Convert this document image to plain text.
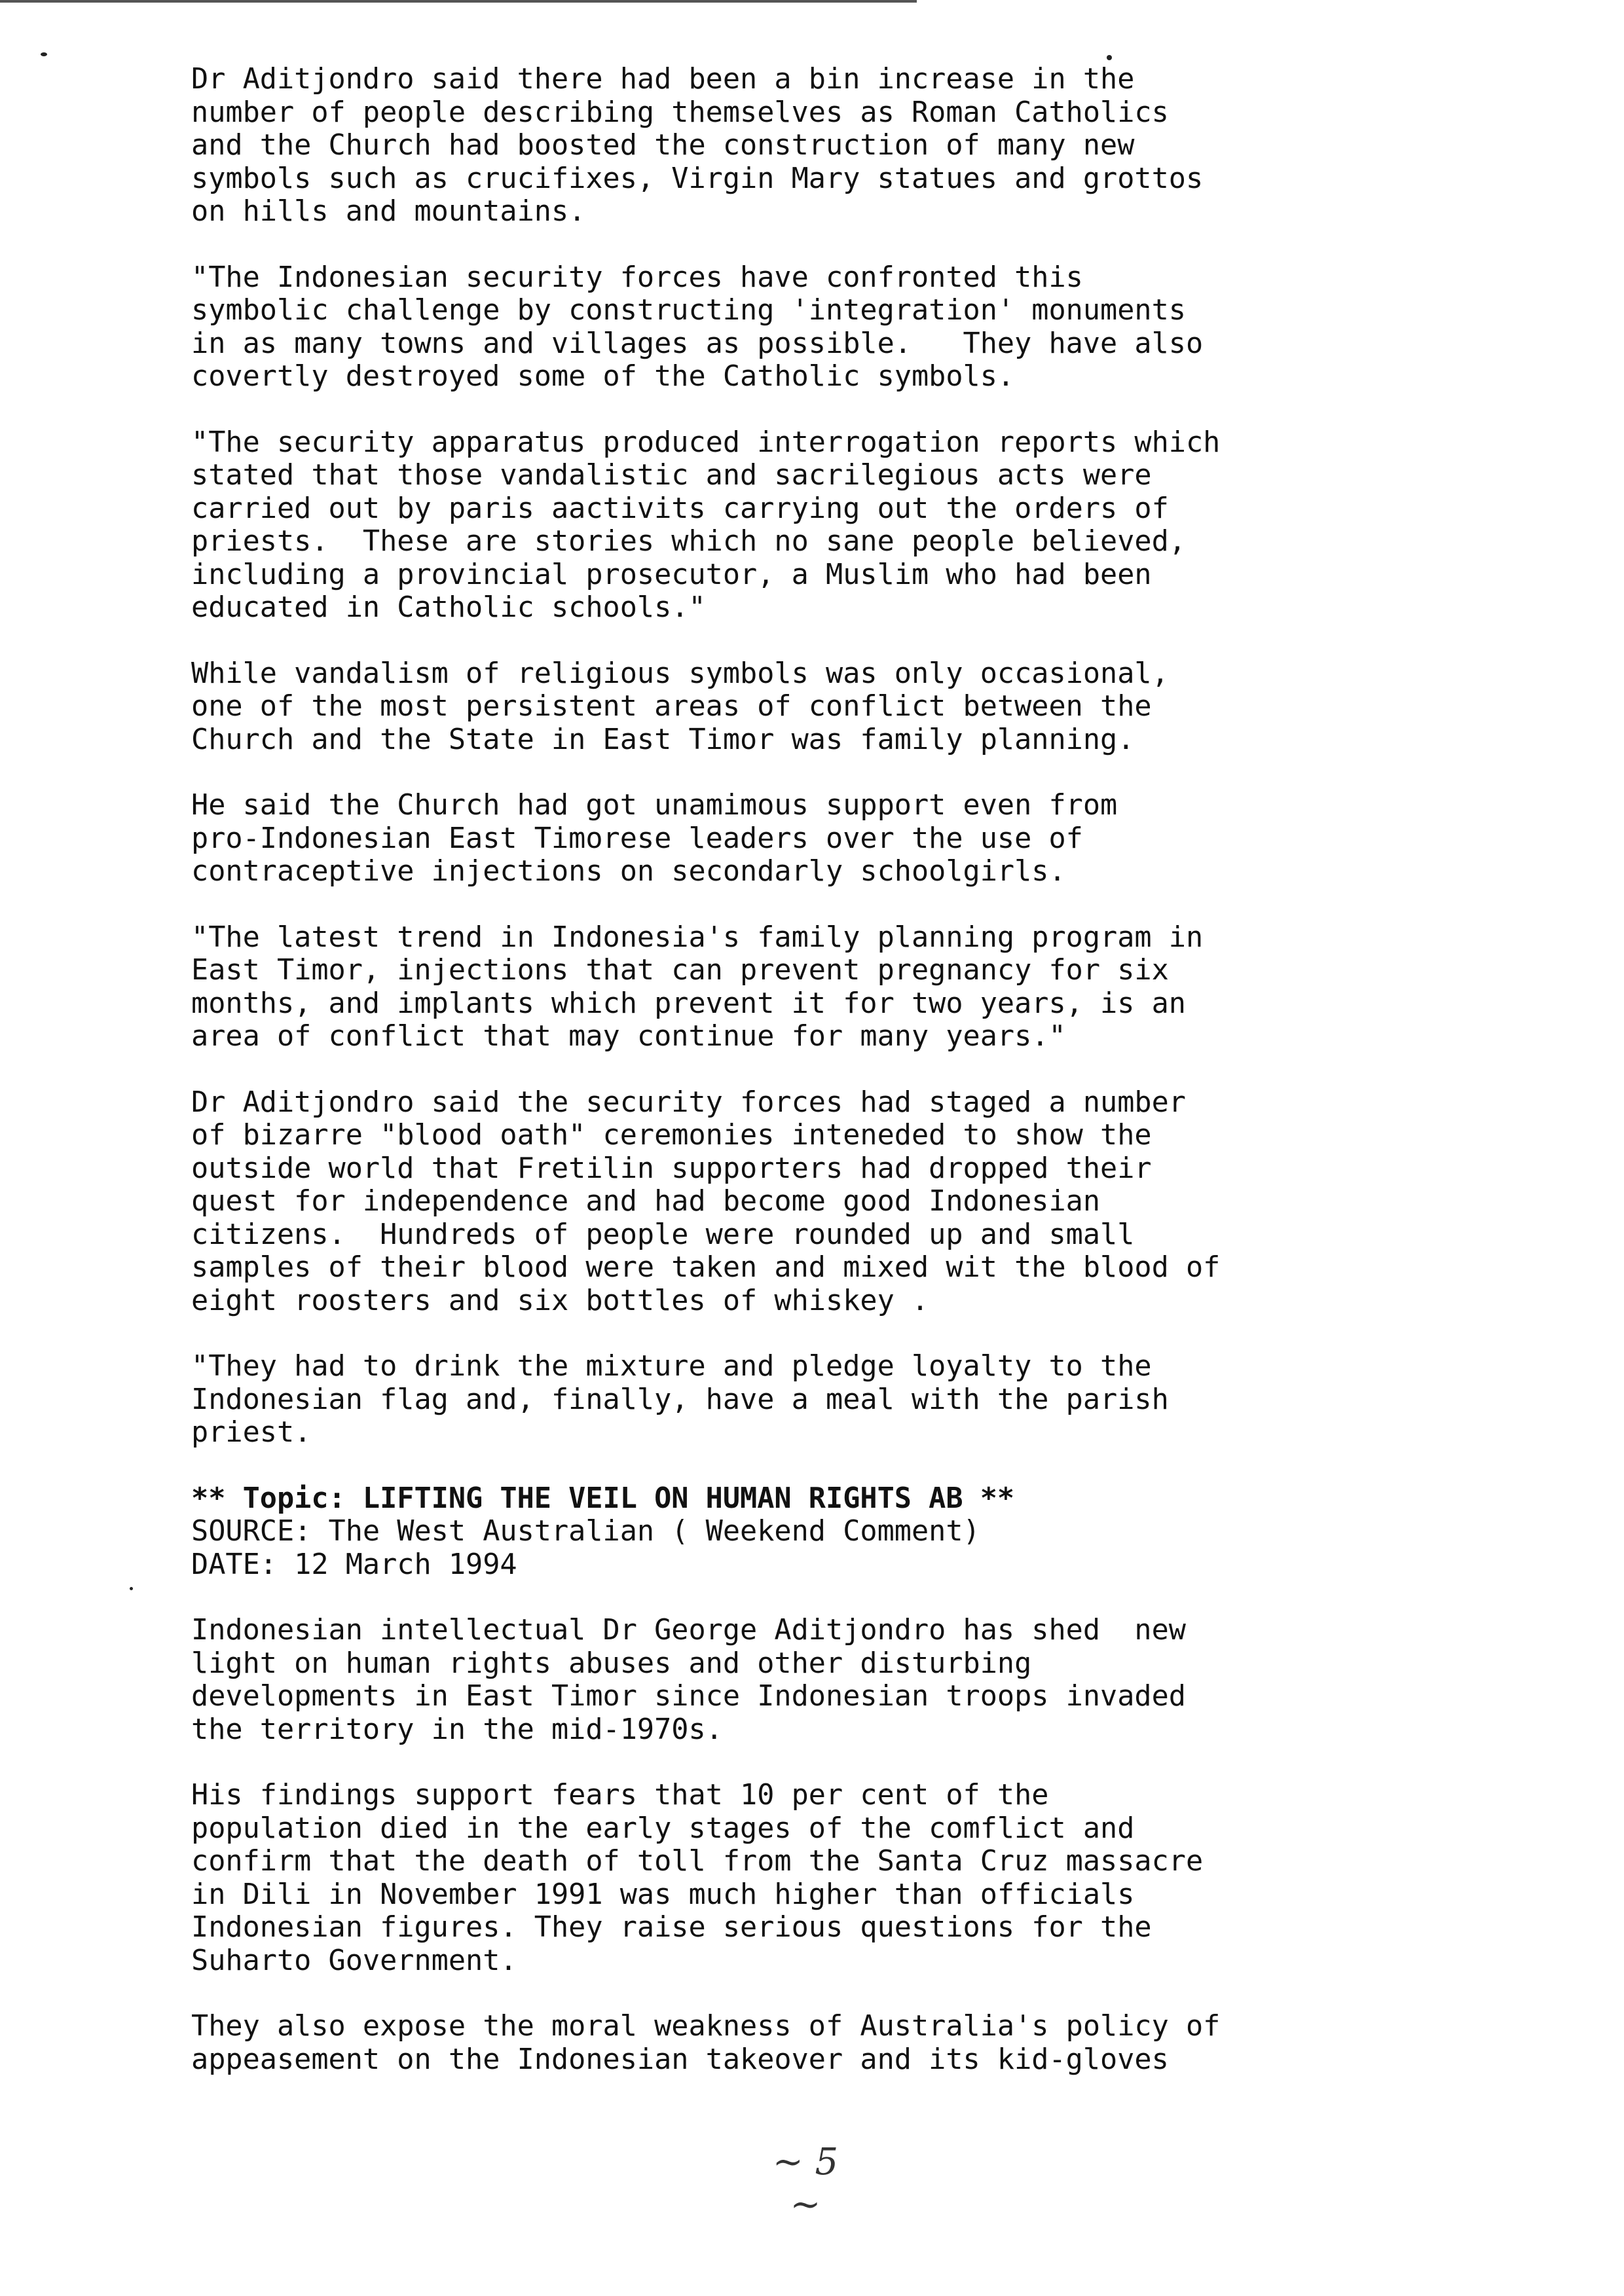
Dr Aditjondro said there had been a bin increase in the
number of people describing themselves as Roman Catholics
and the Church had boosted the construction of many new
symbols such as crucifixes, Virgin Mary statues and grottos
on hills and mountains.
"The Indonesian security forces have confronted this
symbolic challenge by constructing 'integration' monuments
in as many towns and villages as possible.   They have also
covertly destroyed some of the Catholic symbols.
"The security apparatus produced interrogation reports which
stated that those vandalistic and sacrilegious acts were
carried out by paris aactivits carrying out the orders of
priests.  These are stories which no sane people believed,
including a provincial prosecutor, a Muslim who had been
educated in Catholic schools."
While vandalism of religious symbols was only occasional,
one of the most persistent areas of conflict between the
Church and the State in East Timor was family planning.
He said the Church had got unamimous support even from
pro-Indonesian East Timorese leaders over the use of
contraceptive injections on secondarly schoolgirls.
"The latest trend in Indonesia's family planning program in
East Timor, injections that can prevent pregnancy for six
months, and implants which prevent it for two years, is an
area of conflict that may continue for many years."
Dr Aditjondro said the security forces had staged a number
of bizarre "blood oath" ceremonies inteneded to show the
outside world that Fretilin supporters had dropped their
quest for independence and had become good Indonesian
citizens.  Hundreds of people were rounded up and small
samples of their blood were taken and mixed wit the blood of
eight roosters and six bottles of whiskey .
"They had to drink the mixture and pledge loyalty to the
Indonesian flag and, finally, have a meal with the parish
priest.
** Topic: LIFTING THE VEIL ON HUMAN RIGHTS AB **
SOURCE: The West Australian ( Weekend Comment)
DATE: 12 March 1994
Indonesian intellectual Dr George Aditjondro has shed  new
light on human rights abuses and other disturbing
developments in East Timor since Indonesian troops invaded
the territory in the mid-1970s.
His findings support fears that 10 per cent of the
population died in the early stages of the comflict and
confirm that the death of toll from the Santa Cruz massacre
in Dili in November 1991 was much higher than officials
Indonesian figures. They raise serious questions for the
Suharto Government.
They also expose the moral weakness of Australia's policy of
appeasement on the Indonesian takeover and its kid-gloves
~ 5 ~
